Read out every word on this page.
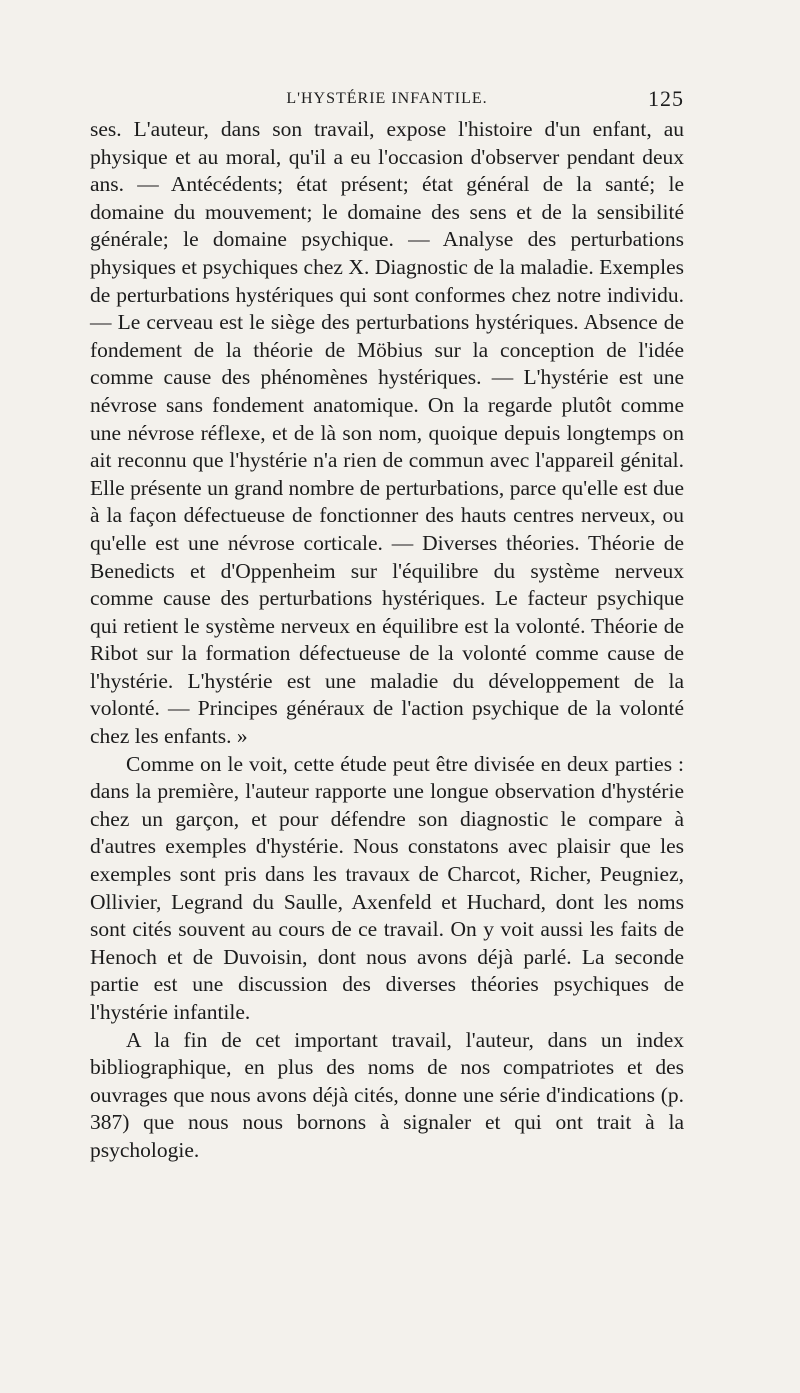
L'HYSTÉRIE INFANTILE.	125

ses. L'auteur, dans son travail, expose l'histoire d'un enfant, au physique et au moral, qu'il a eu l'occasion d'observer pendant deux ans. — Antécédents; état présent; état général de la santé; le domaine du mouvement; le domaine des sens et de la sensibilité générale; le domaine psychique. — Analyse des perturbations physiques et psychiques chez X. Diagnostic de la maladie. Exemples de perturbations hystériques qui sont conformes chez notre individu. — Le cerveau est le siège des perturbations hystériques. Absence de fondement de la théorie de Möbius sur la conception de l'idée comme cause des phénomènes hystériques. — L'hystérie est une névrose sans fondement anatomique. On la regarde plutôt comme une névrose réflexe, et de là son nom, quoique depuis longtemps on ait reconnu que l'hystérie n'a rien de commun avec l'appareil génital. Elle présente un grand nombre de perturbations, parce qu'elle est due à la façon défectueuse de fonctionner des hauts centres nerveux, ou qu'elle est une névrose corticale. — Diverses théories. Théorie de Benedicts et d'Oppenheim sur l'équilibre du système nerveux comme cause des perturbations hystériques. Le facteur psychique qui retient le système nerveux en équilibre est la volonté. Théorie de Ribot sur la formation défectueuse de la volonté comme cause de l'hystérie. L'hystérie est une maladie du développement de la volonté. — Principes généraux de l'action psychique de la volonté chez les enfants. »

Comme on le voit, cette étude peut être divisée en deux parties : dans la première, l'auteur rapporte une longue observation d'hystérie chez un garçon, et pour défendre son diagnostic le compare à d'autres exemples d'hystérie. Nous constatons avec plaisir que les exemples sont pris dans les travaux de Charcot, Richer, Peugniez, Ollivier, Legrand du Saulle, Axenfeld et Huchard, dont les noms sont cités souvent au cours de ce travail. On y voit aussi les faits de Henoch et de Duvoisin, dont nous avons déjà parlé. La seconde partie est une discussion des diverses théories psychiques de l'hystérie infantile.

A la fin de cet important travail, l'auteur, dans un index bibliographique, en plus des noms de nos compatriotes et des ouvrages que nous avons déjà cités, donne une série d'indications (p. 387) que nous nous bornons à signaler et qui ont trait à la psychologie.
